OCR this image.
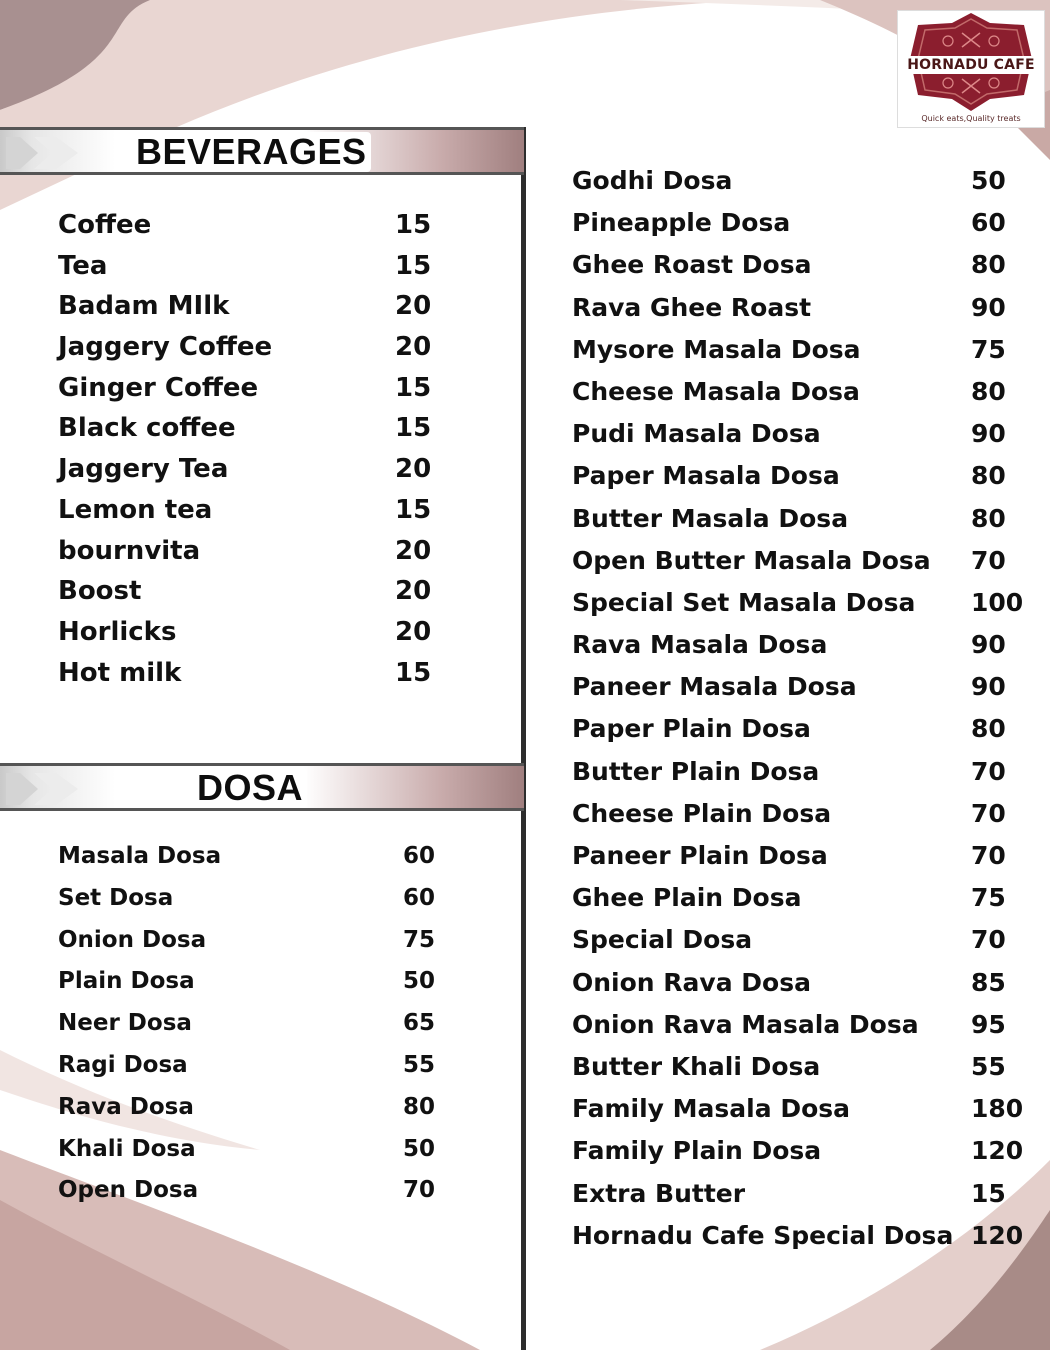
HORNADU CAFE
Quick eats,Quality treats
BEVERAGES
Coffee	15
Tea	15
Badam MIlk	20
Jaggery Coffee	20
Ginger Coffee	15
Black coffee	15
Jaggery Tea	20
Lemon tea	15
bournvita	20
Boost	20
Horlicks	20
Hot milk	15
DOSA
Masala Dosa	60
Set Dosa	60
Onion Dosa	75
Plain Dosa	50
Neer Dosa	65
Ragi Dosa	55
Rava Dosa	80
Khali Dosa	50
Open Dosa	70
Godhi Dosa	50
Pineapple Dosa	60
Ghee Roast Dosa	80
Rava Ghee Roast	90
Mysore Masala Dosa	75
Cheese Masala Dosa	80
Pudi Masala Dosa	90
Paper Masala Dosa	80
Butter Masala Dosa	80
Open Butter Masala Dosa 70
Special Set Masala Dosa 100
Rava Masala Dosa	90
Paneer Masala Dosa	90
Paper Plain Dosa	80
Butter Plain Dosa	70
Cheese Plain Dosa	70
Paneer Plain Dosa	70
Ghee Plain Dosa	75
Special Dosa	70
Onion Rava Dosa	85
Onion Rava Masala Dosa 95
Butter Khali Dosa	55
Family Masala Dosa	180
Family Plain Dosa	120
Extra Butter	15
Hornadu Cafe Special Dosa 120
